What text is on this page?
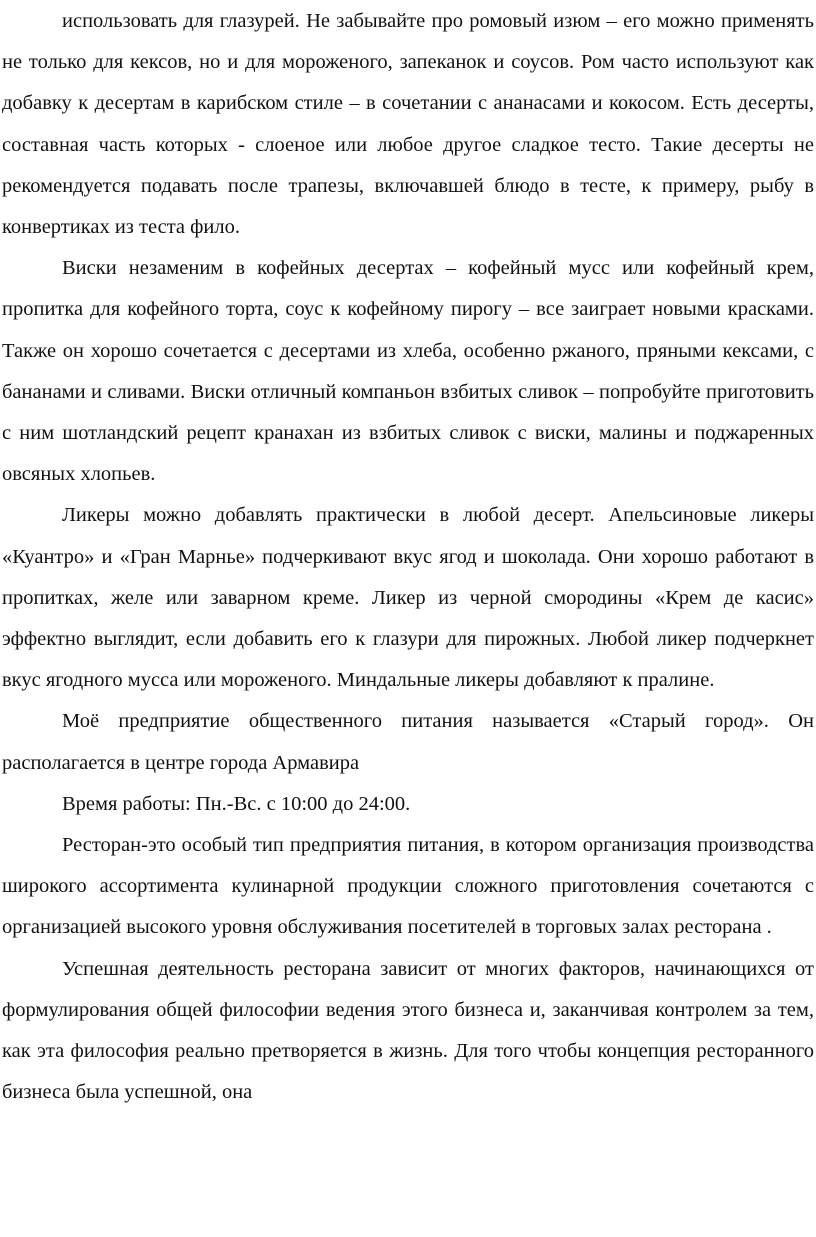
использовать для глазурей. Не забывайте про ромовый изюм – его можно применять не только для кексов, но и для мороженого, запеканок и соусов. Ром часто используют как добавку к десертам в карибском стиле – в сочетании с ананасами и кокосом. Есть десерты, составная часть которых - слоеное или любое другое сладкое тесто. Такие десерты не рекомендуется подавать после трапезы, включавшей блюдо в тесте, к примеру, рыбу в конвертиках из теста фило.

Виски незаменим в кофейных десертах – кофейный мусс или кофейный крем, пропитка для кофейного торта, соус к кофейному пирогу – все заиграет новыми красками. Также он хорошо сочетается с десертами из хлеба, особенно ржаного, пряными кексами, с бананами и сливами. Виски отличный компаньон взбитых сливок – попробуйте приготовить с ним шотландский рецепт кранахан из взбитых сливок с виски, малины и поджаренных овсяных хлопьев.

Ликеры можно добавлять практически в любой десерт. Апельсиновые ликеры «Куантро» и «Гран Марнье» подчеркивают вкус ягод и шоколада. Они хорошо работают в пропитках, желе или заварном креме. Ликер из черной смородины «Крем де касис» эффектно выглядит, если добавить его к глазури для пирожных. Любой ликер подчеркнет вкус ягодного мусса или мороженого. Миндальные ликеры добавляют к пралине.

Моё предприятие общественного питания называется «Старый город». Он располагается в центре города Армавира

Время работы: Пн.-Вс. с 10:00 до 24:00.

Ресторан-это особый тип предприятия питания, в котором организация производства широкого ассортимента кулинарной продукции сложного приготовления сочетаются с организацией высокого уровня обслуживания посетителей в торговых залах ресторана .

Успешная деятельность ресторана зависит от многих факторов, начинающихся от формулирования общей философии ведения этого бизнеса и, заканчивая контролем за тем, как эта философия реально претворяется в жизнь. Для того чтобы концепция ресторанного бизнеса была успешной, она
